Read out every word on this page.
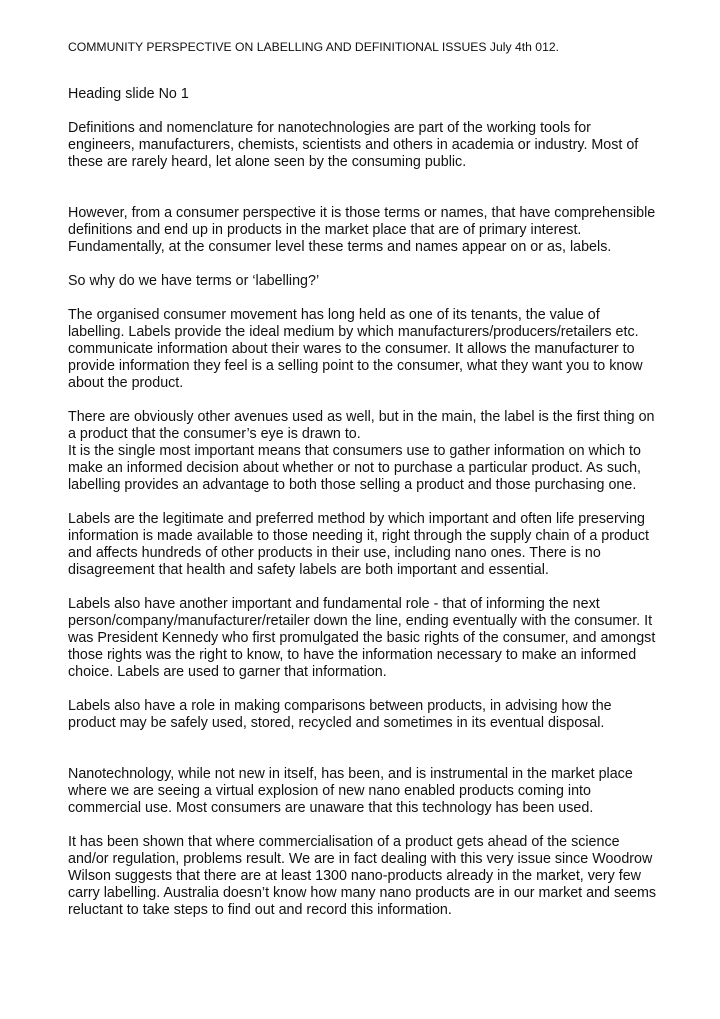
COMMUNITY PERSPECTIVE ON LABELLING AND DEFINITIONAL ISSUES July 4th 012.

Heading slide No 1

Definitions and nomenclature for nanotechnologies are part of the working tools for engineers, manufacturers, chemists, scientists and others in academia or industry. Most of these are rarely heard, let alone seen by the consuming public.

However, from a consumer perspective it is those terms or names, that have comprehensible definitions and end up in products in the market place that are of primary interest. Fundamentally, at the consumer level these terms and names appear on or as, labels.

So why do we have terms or ‘labelling?’

The organised consumer movement has long held as one of its tenants, the value of labelling. Labels provide the ideal medium by which manufacturers/producers/retailers etc. communicate information about their wares to the consumer. It allows the manufacturer to provide information they feel is a selling point to the consumer, what they want you to know about the product.

There are obviously other avenues used as well, but in the main, the label is the first thing on a product that the consumer’s eye is drawn to.
It is the single most important means that consumers use to gather information on which to make an informed decision about whether or not to purchase a particular product. As such, labelling provides an advantage to both those selling a product and those purchasing one.

Labels are the legitimate and preferred method by which important and often life preserving information is made available to those needing it, right through the supply chain of a product and affects hundreds of other products in their use, including nano ones. There is no disagreement that health and safety labels are both important and essential.

Labels also have another important and fundamental role - that of informing the next person/company/manufacturer/retailer down the line, ending eventually with the consumer. It was President Kennedy who first promulgated the basic rights of the consumer, and amongst those rights was the right to know, to have the information necessary to make an informed choice. Labels are used to garner that information.

Labels also have a role in making comparisons between products, in advising how the product may be safely used, stored, recycled and sometimes in its eventual disposal.

Nanotechnology, while not new in itself, has been, and is instrumental in the market place where we are seeing a virtual explosion of new nano enabled products coming into commercial use. Most consumers are unaware that this technology has been used.

It has been shown that where commercialisation of a product gets ahead of the science and/or regulation, problems result. We are in fact dealing with this very issue since Woodrow Wilson suggests that there are at least 1300 nano-products already in the market, very few carry labelling. Australia doesn’t know how many nano products are in our market and seems reluctant to take steps to find out and record this information.
